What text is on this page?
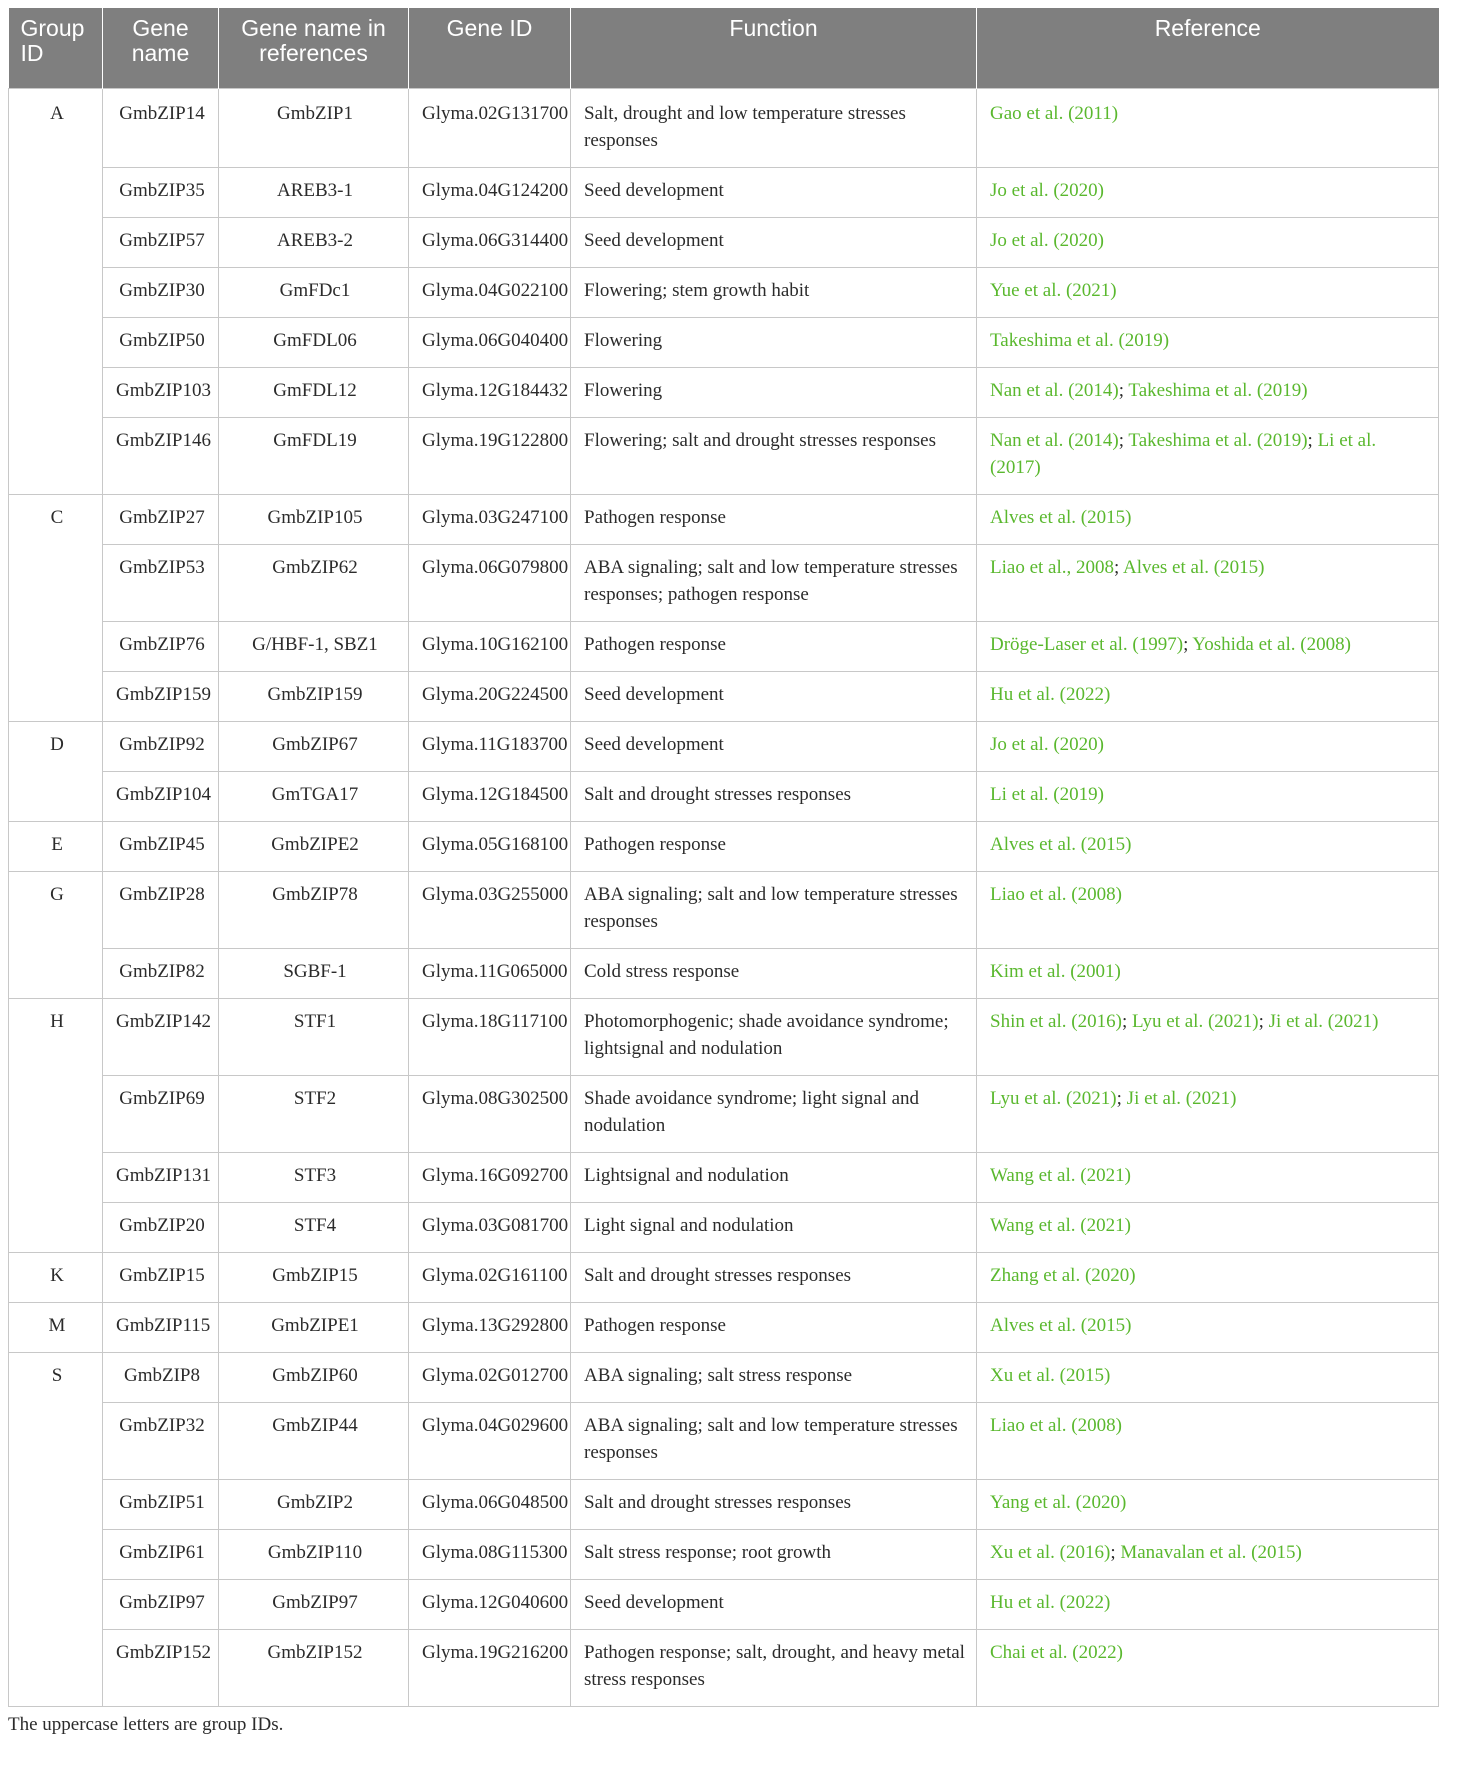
Group ID	Gene name	Gene name in references	Gene ID	Function	Reference
A	GmbZIP14	GmbZIP1	Glyma.02G131700	Salt, drought and low temperature stresses responses	Gao et al. (2011)
	GmbZIP35	AREB3-1	Glyma.04G124200	Seed development	Jo et al. (2020)
	GmbZIP57	AREB3-2	Glyma.06G314400	Seed development	Jo et al. (2020)
	GmbZIP30	GmFDc1	Glyma.04G022100	Flowering; stem growth habit	Yue et al. (2021)
	GmbZIP50	GmFDL06	Glyma.06G040400	Flowering	Takeshima et al. (2019)
	GmbZIP103	GmFDL12	Glyma.12G184432	Flowering	Nan et al. (2014); Takeshima et al. (2019)
	GmbZIP146	GmFDL19	Glyma.19G122800	Flowering; salt and drought stresses responses	Nan et al. (2014); Takeshima et al. (2019); Li et al. (2017)
C	GmbZIP27	GmbZIP105	Glyma.03G247100	Pathogen response	Alves et al. (2015)
	GmbZIP53	GmbZIP62	Glyma.06G079800	ABA signaling; salt and low temperature stresses responses; pathogen response	Liao et al., 2008; Alves et al. (2015)
	GmbZIP76	G/HBF-1, SBZ1	Glyma.10G162100	Pathogen response	Dröge-Laser et al. (1997); Yoshida et al. (2008)
	GmbZIP159	GmbZIP159	Glyma.20G224500	Seed development	Hu et al. (2022)
D	GmbZIP92	GmbZIP67	Glyma.11G183700	Seed development	Jo et al. (2020)
	GmbZIP104	GmTGA17	Glyma.12G184500	Salt and drought stresses responses	Li et al. (2019)
E	GmbZIP45	GmbZIPE2	Glyma.05G168100	Pathogen response	Alves et al. (2015)
G	GmbZIP28	GmbZIP78	Glyma.03G255000	ABA signaling; salt and low temperature stresses responses	Liao et al. (2008)
	GmbZIP82	SGBF-1	Glyma.11G065000	Cold stress response	Kim et al. (2001)
H	GmbZIP142	STF1	Glyma.18G117100	Photomorphogenic; shade avoidance syndrome; lightsignal and nodulation	Shin et al. (2016); Lyu et al. (2021); Ji et al. (2021)
	GmbZIP69	STF2	Glyma.08G302500	Shade avoidance syndrome; light signal and nodulation	Lyu et al. (2021); Ji et al. (2021)
	GmbZIP131	STF3	Glyma.16G092700	Lightsignal and nodulation	Wang et al. (2021)
	GmbZIP20	STF4	Glyma.03G081700	Light signal and nodulation	Wang et al. (2021)
K	GmbZIP15	GmbZIP15	Glyma.02G161100	Salt and drought stresses responses	Zhang et al. (2020)
M	GmbZIP115	GmbZIPE1	Glyma.13G292800	Pathogen response	Alves et al. (2015)
S	GmbZIP8	GmbZIP60	Glyma.02G012700	ABA signaling; salt stress response	Xu et al. (2015)
	GmbZIP32	GmbZIP44	Glyma.04G029600	ABA signaling; salt and low temperature stresses responses	Liao et al. (2008)
	GmbZIP51	GmbZIP2	Glyma.06G048500	Salt and drought stresses responses	Yang et al. (2020)
	GmbZIP61	GmbZIP110	Glyma.08G115300	Salt stress response; root growth	Xu et al. (2016); Manavalan et al. (2015)
	GmbZIP97	GmbZIP97	Glyma.12G040600	Seed development	Hu et al. (2022)
	GmbZIP152	GmbZIP152	Glyma.19G216200	Pathogen response; salt, drought, and heavy metal stress responses	Chai et al. (2022)
The uppercase letters are group IDs.
